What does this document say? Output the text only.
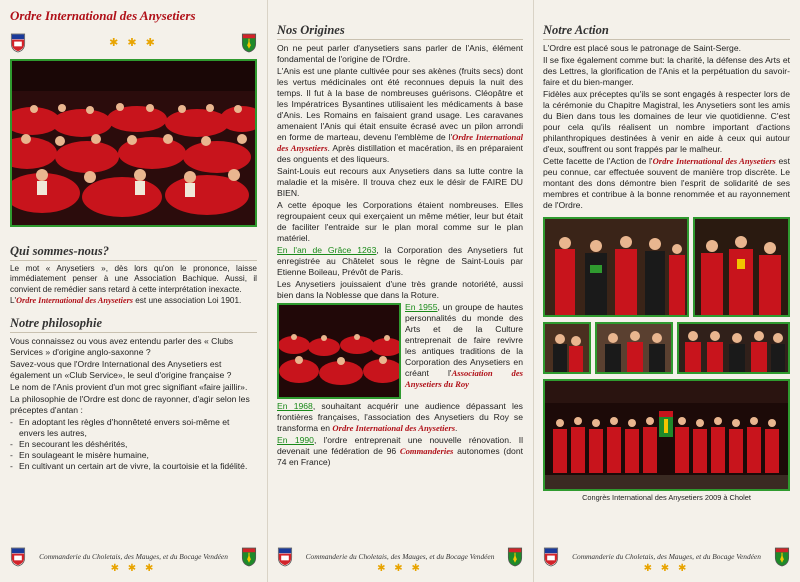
Ordre International des Anysetiers
✱ ✱ ✱
Qui sommes-nous?

Le mot « Anysetiers », dès lors qu'on le prononce, laisse immédiatement penser à une Association Bachique. Aussi, il convient de remédier sans retard à cette interprétation inexacte.

L'Ordre International des Anysetiers est une association Loi 1901.

Notre philosophie

Vous connaissez ou vous avez entendu parler des « Clubs Services » d'origine anglo-saxonne ?

Savez-vous que l'Ordre International des Anysetiers est également un «Club Service», le seul d'origine française ?

Le nom de l'Anis provient d'un mot grec signifiant «faire jaillir».

La philosophie de l'Ordre est donc de rayonner, d'agir selon les préceptes d'antan :

- En adoptant les règles d'honnêteté envers soi-même et envers les autres,
- En secourant les déshérités,
- En soulageant le misère humaine,
- En cultivant un certain art de vivre, la courtoisie et la fidélité.
Commanderie du Choletais, des Mauges, et du Bocage Vendéen
✱ ✱ ✱
Nos Origines

On ne peut parler d'anysetiers sans parler de l'Anis, élément fondamental de l'origine de l'Ordre.

L'Anis est une plante cultivée pour ses akènes (fruits secs) dont les vertus médicinales ont été reconnues depuis la nuit des temps. Il fut à la base de nombreuses guérisons. Cléopâtre et les Impératrices Bysantines utilisaient les médicaments à base d'Anis. Les Romains en faisaient grand usage. Les caravanes amenaient l'Anis qui était ensuite écrasé avec un pilon arrondi en forme de marteau, devenu l'emblème de l'Ordre International des Anysetiers. Après distillation et macération, ils en préparaient des onguents et des liqueurs.

Saint-Louis eut recours aux Anysetiers dans sa lutte contre la maladie et la misère. Il trouva chez eux le désir de FAIRE DU BIEN.

A cette époque les Corporations étaient nombreuses. Elles regroupaient ceux qui exerçaient un même métier, leur but était de faciliter l'entraide sur le plan moral comme sur le plan matériel.

En l'an de Grâce 1263, la Corporation des Anysetiers fut enregistrée au Châtelet sous le règne de Saint-Louis par Etienne Boileau, Prévôt de Paris.

Les Anysetiers jouissaient d'une très grande notoriété, aussi bien dans la Noblesse que dans la Roture.

En 1955, un groupe de hautes personnalités du monde des Arts et de la Culture entreprenait de faire revivre les antiques traditions de la Corporation des Anysetiers en créant l'Association des Anysetiers du Roy

En 1968, souhaitant acquérir une audience dépassant les frontières françaises, l'association des Anysetiers du Roy se transforma en Ordre International des Anysetiers.

En 1990, l'ordre entreprenait une nouvelle rénovation. Il devenait une fédération de 96 Commanderies autonomes (dont 74 en France)

Commanderie du Choletais, des Mauges, et du Bocage Vendéen
✱ ✱ ✱
Notre Action

L'Ordre est placé sous le patronage de Saint-Serge.

Il se fixe également comme but: la charité, la défense des Arts et des Lettres, la glorification de l'Anis et la perpétuation du savoir-faire et du bien-manger.

Fidèles aux préceptes qu'ils se sont engagés à respecter lors de la cérémonie du Chapitre Magistral, les Anysetiers sont les amis du Bien dans tous les domaines de leur vie quotidienne. C'est pour cela qu'ils réalisent un nombre important d'actions philanthropiques destinées à venir en aide à ceux qui autour d'eux, souffrent ou sont frappés par le malheur.

Cette facette de l'Action de l'Ordre International des Anysetiers est peu connue, car effectuée souvent de manière trop discrète. Le montant des dons démontre bien l'esprit de solidarité de ses membres et contribue à la bonne renommée et au rayonnement de l'Ordre.

Congrès International des Anysetiers 2009 à Cholet
Commanderie du Choletais, des Mauges, et du Bocage Vendéen
✱ ✱ ✱
